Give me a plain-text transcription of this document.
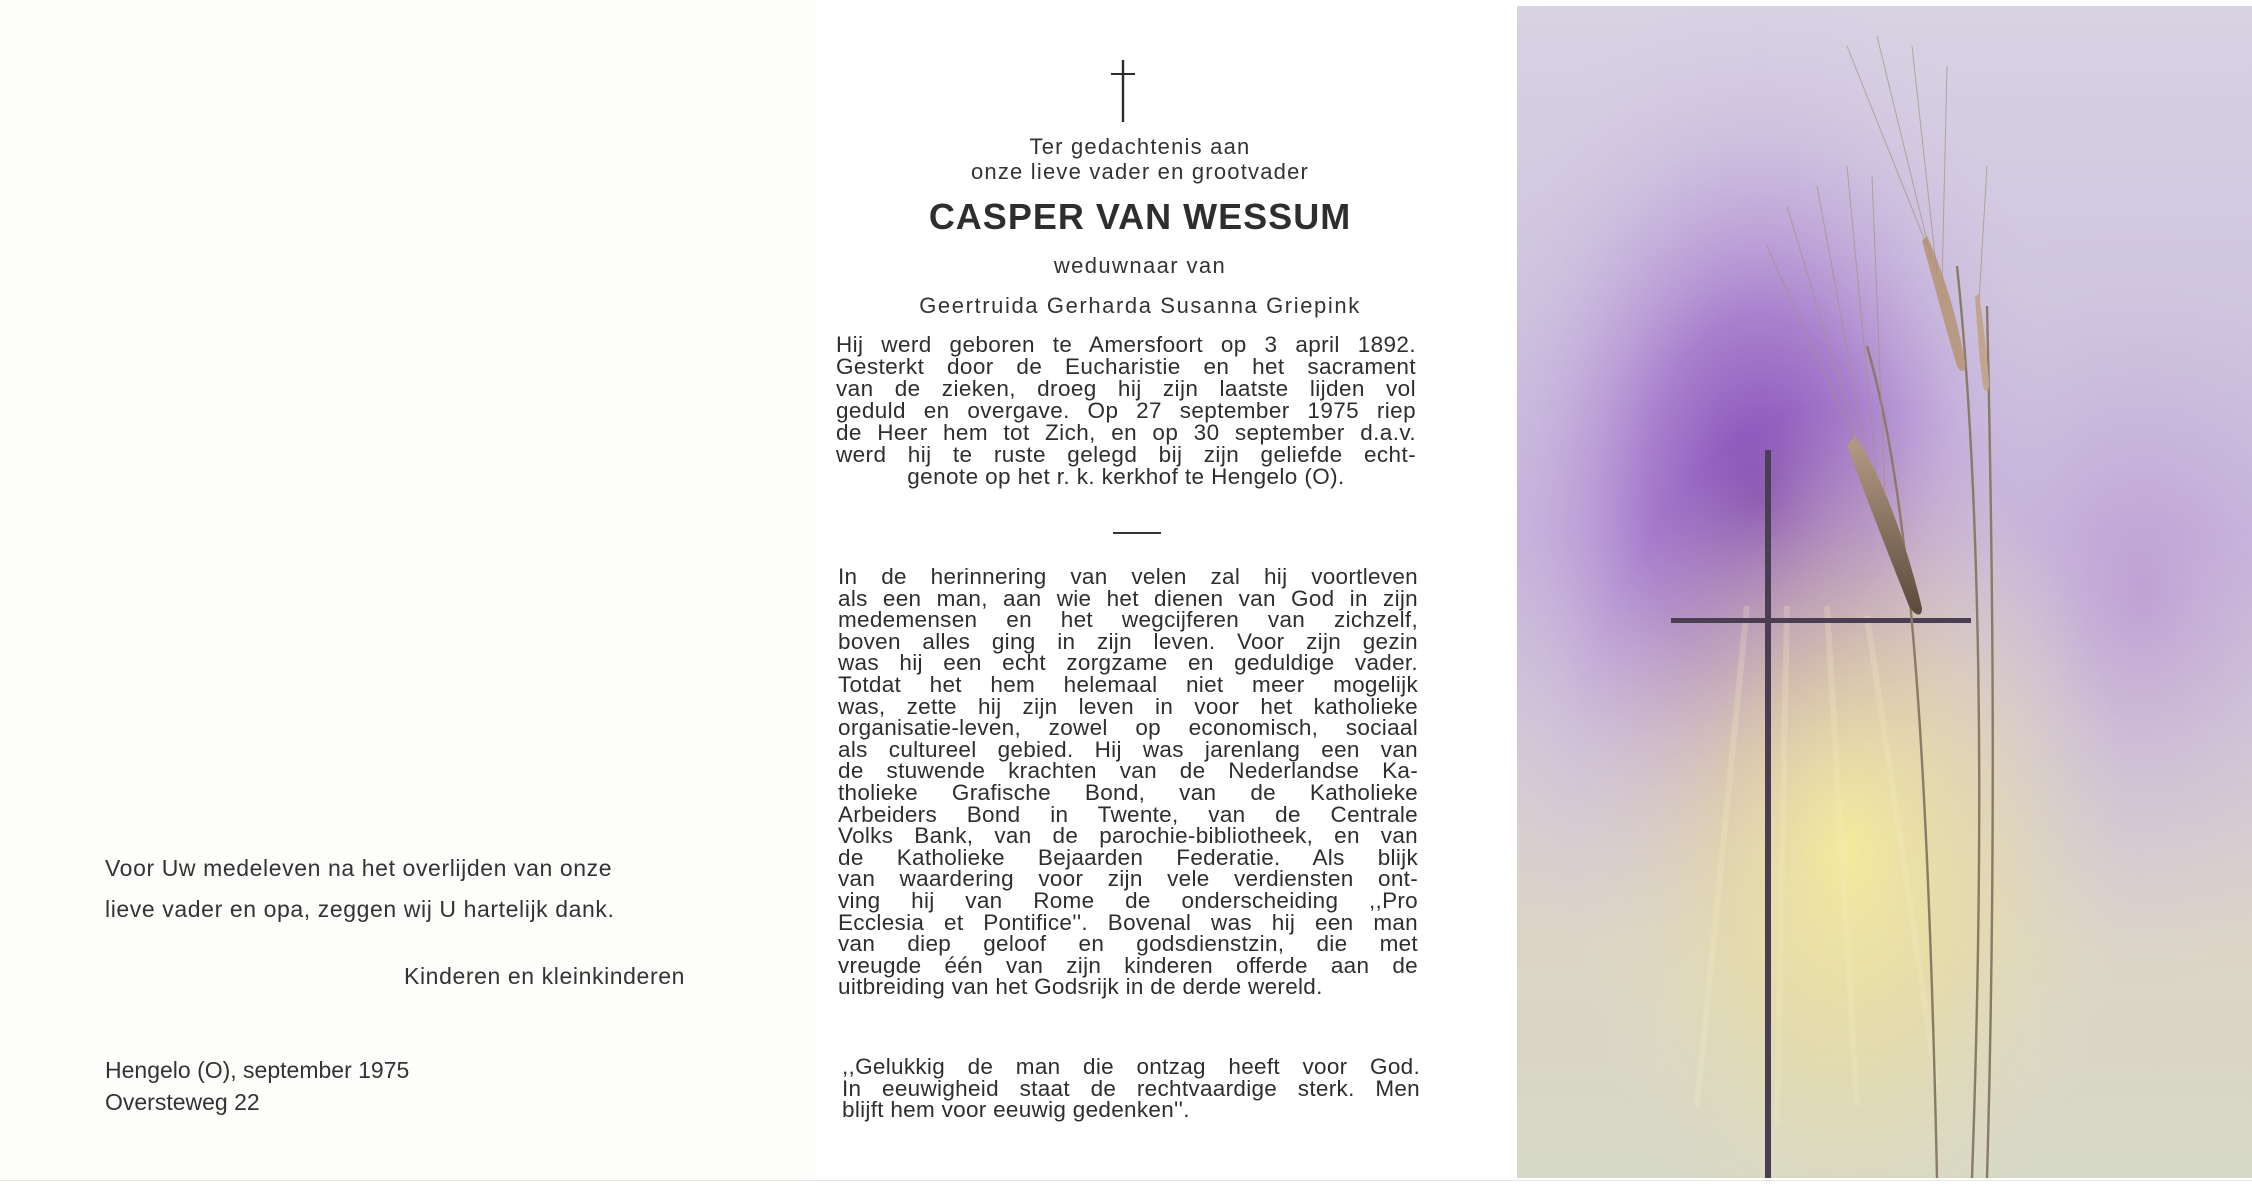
Voor Uw medeleven na het overlijden van onze
lieve vader en opa, zeggen wij U hartelijk dank.
Kinderen en kleinkinderen
Hengelo (O), september 1975
Oversteweg 22
Ter gedachtenis aan
onze lieve vader en grootvader
CASPER VAN WESSUM
weduwnaar van
Geertruida Gerharda Susanna Griepink
Hij werd geboren te Amersfoort op 3 april 1892.
Gesterkt door de Eucharistie en het sacrament
van de zieken, droeg hij zijn laatste lijden vol
geduld en overgave. Op 27 september 1975 riep
de Heer hem tot Zich, en op 30 september d.a.v.
werd hij te ruste gelegd bij zijn geliefde echt-
genote op het r. k. kerkhof te Hengelo (O).
In de herinnering van velen zal hij voortleven
als een man, aan wie het dienen van God in zijn
medemensen en het wegcijferen van zichzelf,
boven alles ging in zijn leven. Voor zijn gezin
was hij een echt zorgzame en geduldige vader.
Totdat het hem helemaal niet meer mogelijk
was, zette hij zijn leven in voor het katholieke
organisatie-leven, zowel op economisch, sociaal
als cultureel gebied. Hij was jarenlang een van
de stuwende krachten van de Nederlandse Ka-
tholieke Grafische Bond, van de Katholieke
Arbeiders Bond in Twente, van de Centrale
Volks Bank, van de parochie-bibliotheek, en van
de Katholieke Bejaarden Federatie. Als blijk
van waardering voor zijn vele verdiensten ont-
ving hij van Rome de onderscheiding ,,Pro
Ecclesia et Pontifice''. Bovenal was hij een man
van diep geloof en godsdienstzin, die met
vreugde één van zijn kinderen offerde aan de
uitbreiding van het Godsrijk in de derde wereld.
,,Gelukkig de man die ontzag heeft voor God.
In eeuwigheid staat de rechtvaardige sterk. Men
blijft hem voor eeuwig gedenken''.
